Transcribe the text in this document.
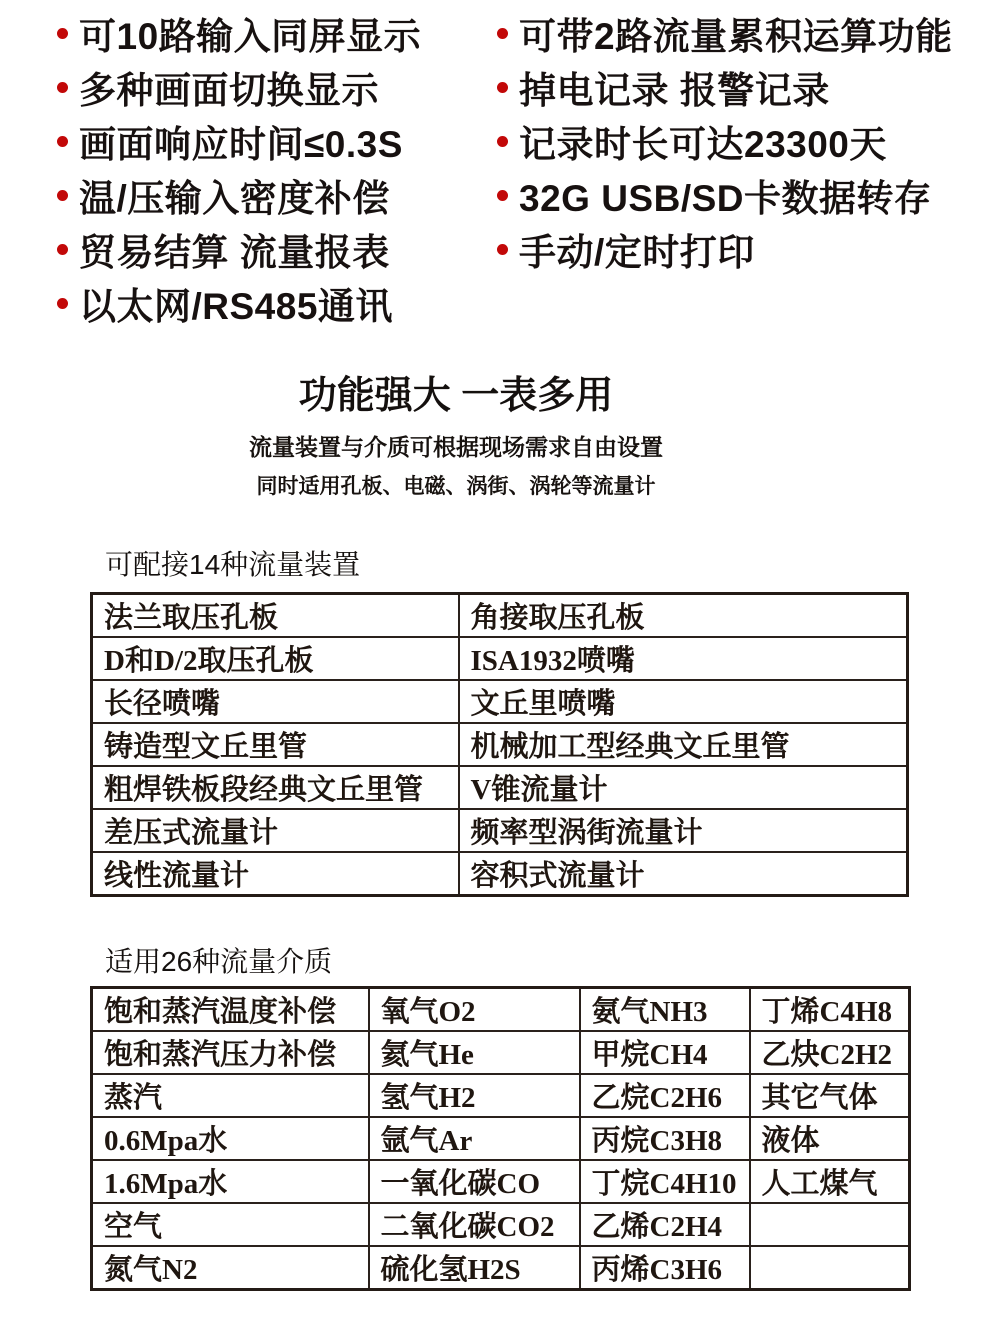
可10路输入同屏显示
多种画面切换显示
画面响应时间≤0.3S
温/压输入密度补偿
贸易结算 流量报表
以太网/RS485通讯
可带2路流量累积运算功能
掉电记录 报警记录
记录时长可达23300天
32G USB/SD卡数据转存
手动/定时打印
功能强大 一表多用
流量装置与介质可根据现场需求自由设置
同时适用孔板、电磁、涡街、涡轮等流量计
可配接14种流量装置
法兰取压孔板	角接取压孔板
D和D/2取压孔板	ISA1932喷嘴
长径喷嘴	文丘里喷嘴
铸造型文丘里管	机械加工型经典文丘里管
粗焊铁板段经典文丘里管	V锥流量计
差压式流量计	频率型涡街流量计
线性流量计	容积式流量计
适用26种流量介质
饱和蒸汽温度补偿	氧气O2	氨气NH3	丁烯C4H8
饱和蒸汽压力补偿	氦气He	甲烷CH4	乙炔C2H2
蒸汽	氢气H2	乙烷C2H6	其它气体
0.6Mpa水	氩气Ar	丙烷C3H8	液体
1.6Mpa水	一氧化碳CO	丁烷C4H10	人工煤气
空气	二氧化碳CO2	乙烯C2H4	
氮气N2	硫化氢H2S	丙烯C3H6	
